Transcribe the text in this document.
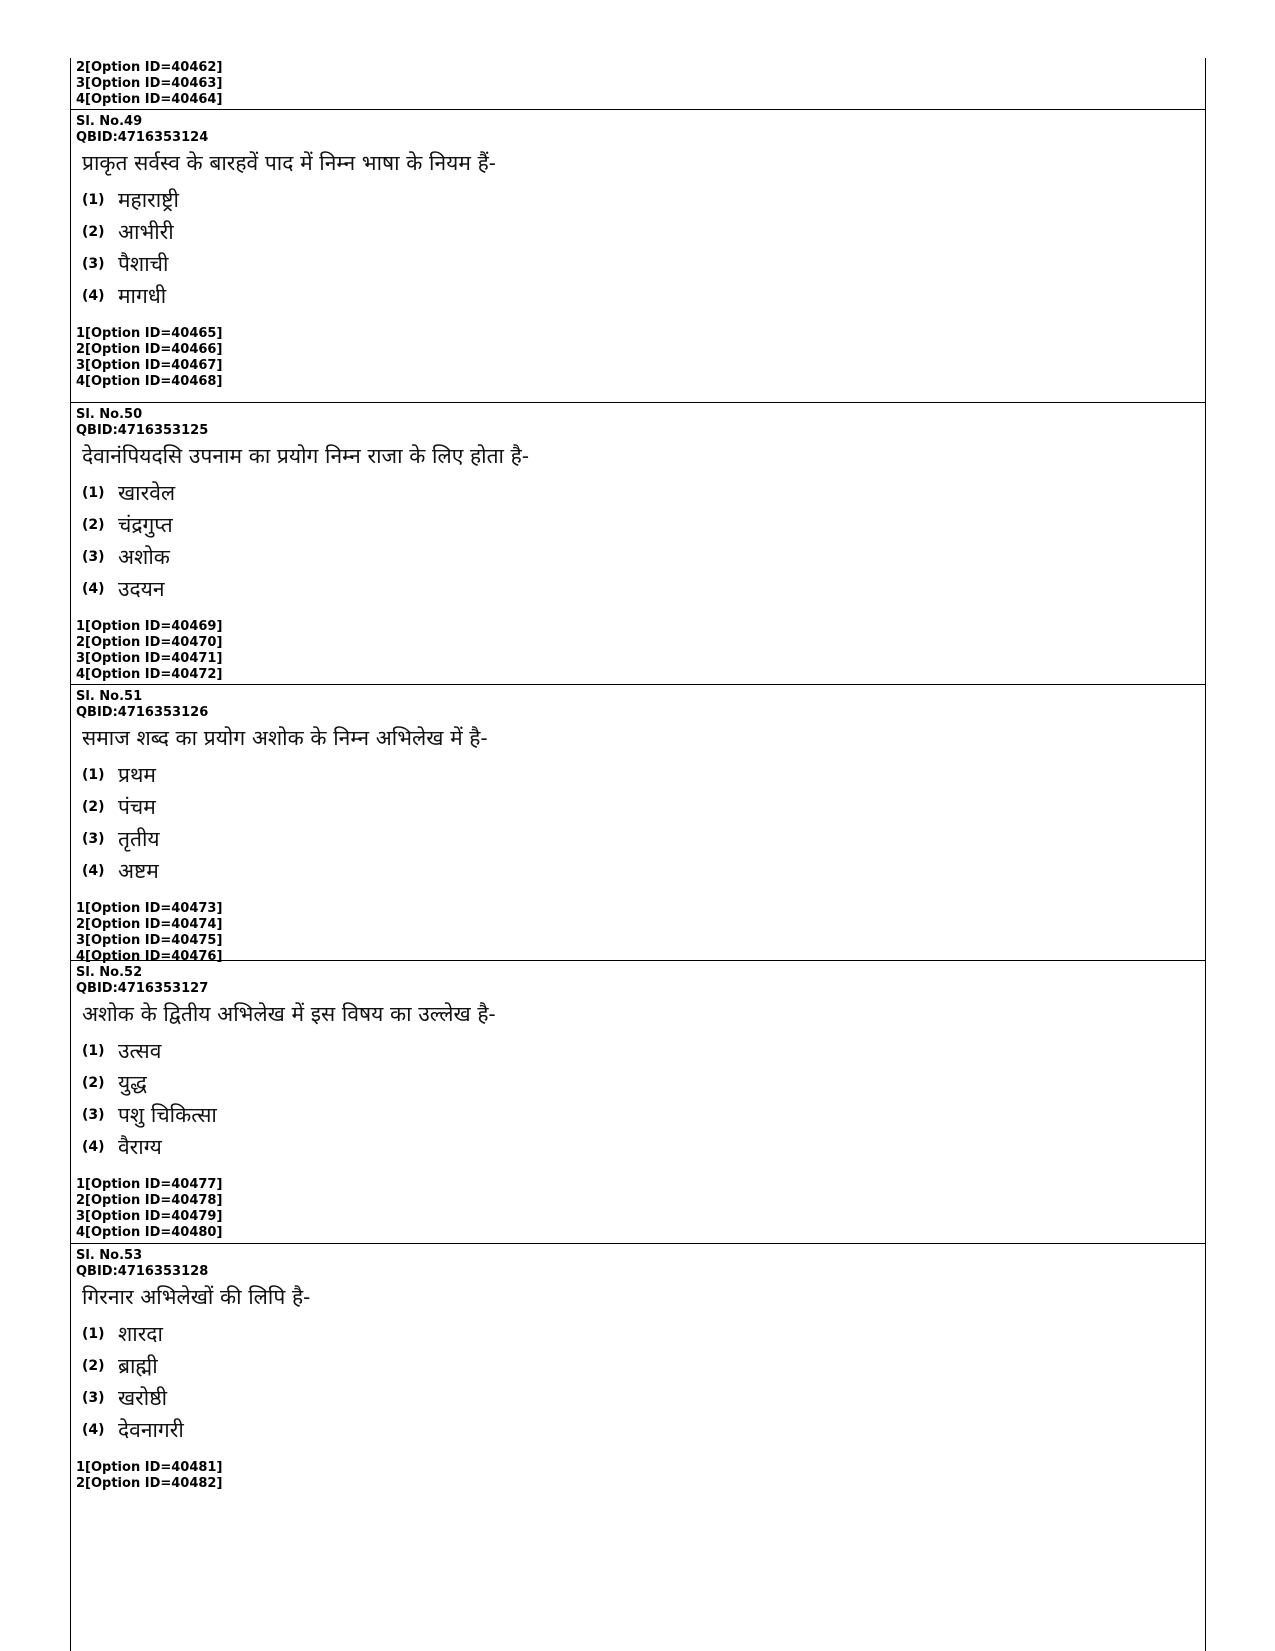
2[Option ID=40462]
3[Option ID=40463]
4[Option ID=40464]
Sl. No.49
QBID:4716353124
प्राकृत सर्वस्व के बारहवें पाद में निम्न भाषा के नियम हैं-
(1) महाराष्ट्री
(2) आभीरी
(3) पैशाची
(4) मागधी
1[Option ID=40465]
2[Option ID=40466]
3[Option ID=40467]
4[Option ID=40468]
Sl. No.50
QBID:4716353125
देवानंपियदसि उपनाम का प्रयोग निम्न राजा के लिए होता है-
(1) खारवेल
(2) चंद्रगुप्त
(3) अशोक
(4) उदयन
1[Option ID=40469]
2[Option ID=40470]
3[Option ID=40471]
4[Option ID=40472]
Sl. No.51
QBID:4716353126
समाज शब्द का प्रयोग अशोक के निम्न अभिलेख में है-
(1) प्रथम
(2) पंचम
(3) तृतीय
(4) अष्टम
1[Option ID=40473]
2[Option ID=40474]
3[Option ID=40475]
4[Option ID=40476]
Sl. No.52
QBID:4716353127
अशोक के द्वितीय अभिलेख में इस विषय का उल्लेख है-
(1) उत्सव
(2) युद्ध
(3) पशु चिकित्सा
(4) वैराग्य
1[Option ID=40477]
2[Option ID=40478]
3[Option ID=40479]
4[Option ID=40480]
Sl. No.53
QBID:4716353128
गिरनार अभिलेखों की लिपि है-
(1) शारदा
(2) ब्राह्मी
(3) खरोष्ठी
(4) देवनागरी
1[Option ID=40481]
2[Option ID=40482]
